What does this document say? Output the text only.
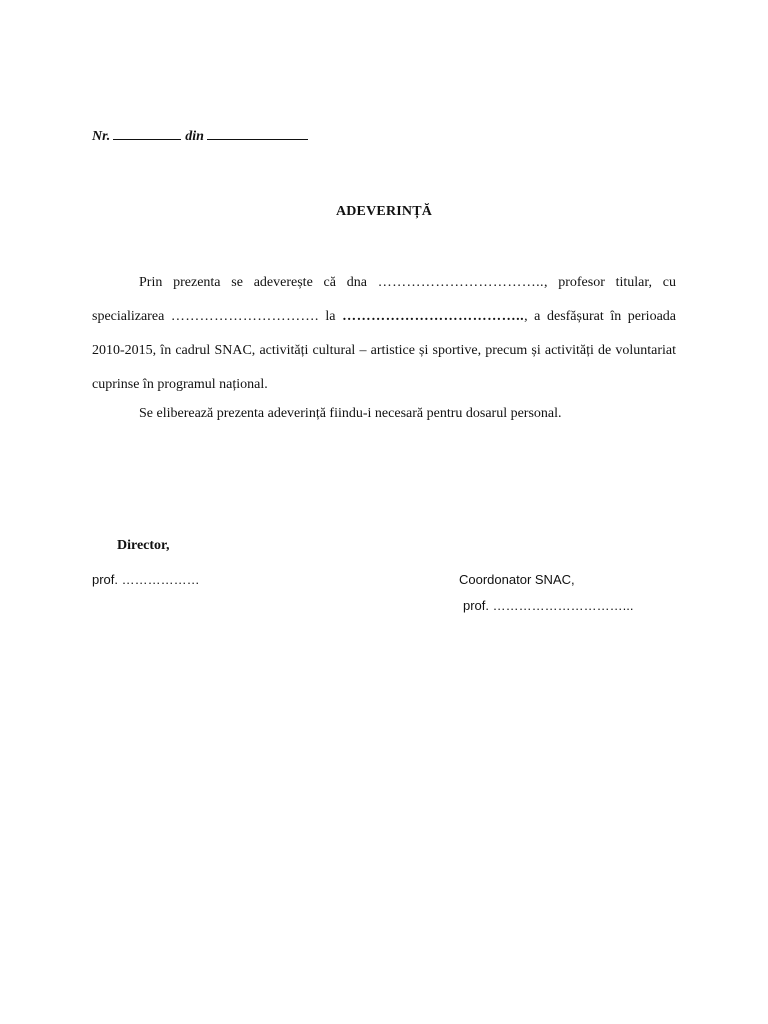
Nr.	din
ADEVERINȚĂ

Prin prezenta se adeverește că dna …………………………….., profesor titular, cu specializarea …………………………. la ……………………………….., a desfășurat în perioada 2010-2015, în cadrul SNAC, activități cultural – artistice și sportive, precum și activități de voluntariat cuprinse în programul național.

Se eliberează prezenta adeverință fiindu-i necesară pentru dosarul personal.

Director,
prof. ………………	Coordonator SNAC,
prof. …………………………...
